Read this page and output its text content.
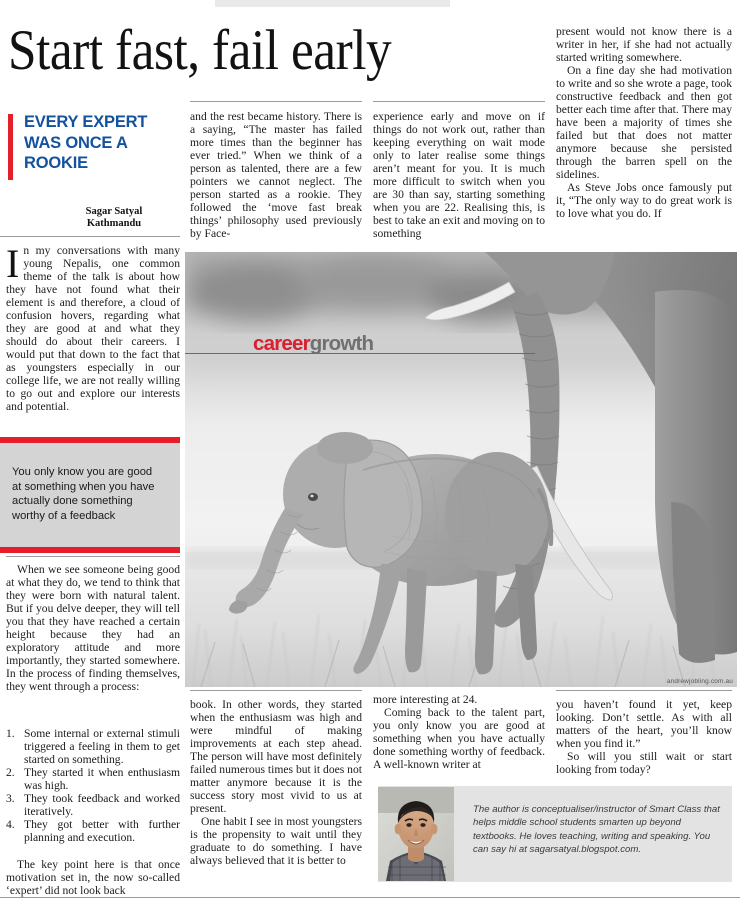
Start fast, fail early
EVERY EXPERT WAS ONCE A ROOKIE
Sagar Satyal
Kathmandu

In my conversations with many young Nepalis, one common theme of the talk is about how they have not found what their element is and therefore, a cloud of confusion hovers, regarding what they are good at and what they should do about their careers. I would put that down to the fact that as youngsters especially in our college life, we are not really willing to go out and explore our interests and potential.

You only know you are good at something when you have actually done something worthy of a feedback

When we see someone being good at what they do, we tend to think that they were born with natural talent. But if you delve deeper, they will tell you that they have reached a certain height because they had an exploratory attitude and more importantly, they started somewhere. In the process of finding themselves, they went through a process:

1. Some internal or external stimuli triggered a feeling in them to get started on something.
2. They started it when enthusiasm was high.
3. They took feedback and worked iteratively.
4. They got better with further planning and execution.

The key point here is that once motivation set in, the now so-called ‘expert’ did not look back

and the rest became history. There is a saying, “The master has failed more times than the beginner has ever tried.” When we think of a person as talented, there are a few pointers we cannot neglect. The person started as a rookie. They followed the ‘move fast break things’ philosophy used previously by Face-

book. In other words, they started when the enthusiasm was high and were mindful of making improvements at each step ahead. The person will have most definitely failed numerous times but it does not matter anymore because it is the success story most vivid to us at present.

One habit I see in most youngsters is the propensity to wait until they graduate to do something. I have always believed that it is better to

experience early and move on if things do not work out, rather than keeping everything on wait mode only to later realise some things aren’t meant for you. It is much more difficult to switch when you are 30 than say, starting something when you are 22. Realising this, is best to take an exit and moving on to something

more interesting at 24.

Coming back to the talent part, you only know you are good at something when you have actually done something worthy of feedback. A well-known writer at

present would not know there is a writer in her, if she had not actually started writing somewhere.

On a fine day she had motivation to write and so she wrote a page, took constructive feedback and then got better each time after that. There may have been a majority of times she failed but that does not matter anymore because she persisted through the barren spell on the sidelines.

As Steve Jobs once famously put it, “The only way to do great work is to love what you do. If

you haven’t found it yet, keep looking. Don’t settle. As with all matters of the heart, you’ll know when you find it.”

So will you still wait or start looking from today?

andrewjobling.com.au
careergrowth
The author is conceptualiser/instructor of Smart Class that helps middle school students smarten up beyond textbooks. He loves teaching, writing and speaking. You can say hi at sagarsatyal.blogspot.com.
